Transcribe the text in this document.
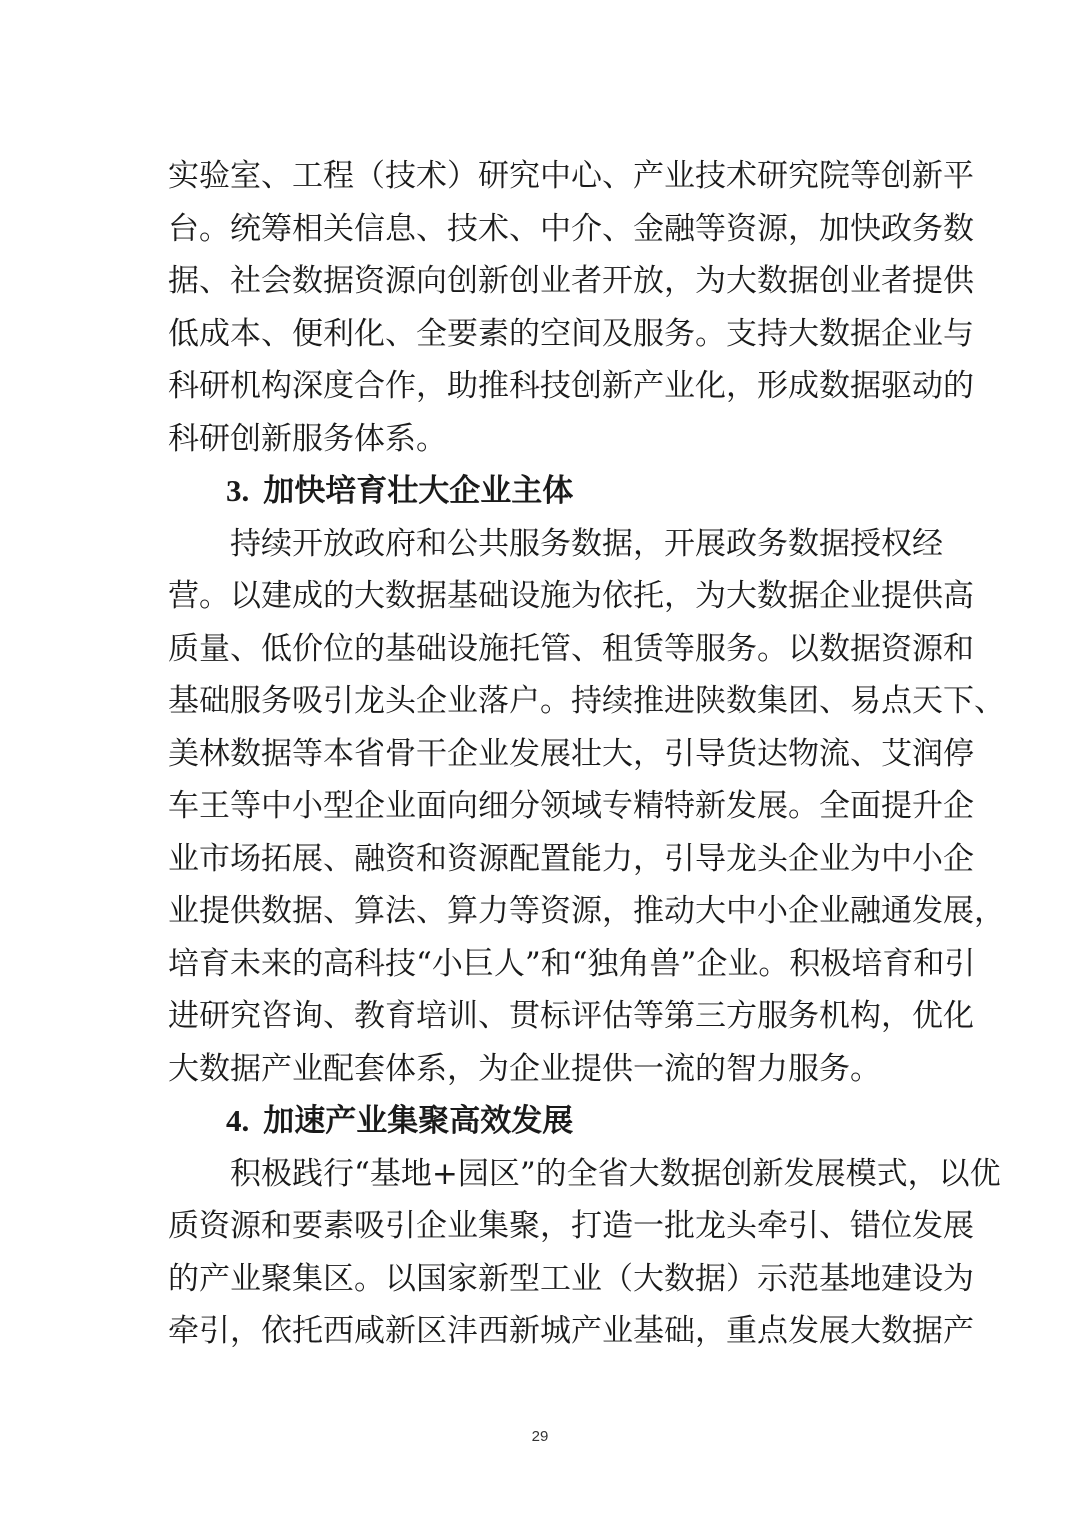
实验室、工程（技术）研究中心、产业技术研究院等创新平
台。统筹相关信息、技术、中介、金融等资源，加快政务数
据、社会数据资源向创新创业者开放，为大数据创业者提供
低成本、便利化、全要素的空间及服务。支持大数据企业与
科研机构深度合作，助推科技创新产业化，形成数据驱动的
科研创新服务体系。
3. 加快培育壮大企业主体
持续开放政府和公共服务数据，开展政务数据授权经
营。以建成的大数据基础设施为依托，为大数据企业提供高
质量、低价位的基础设施托管、租赁等服务。以数据资源和
基础服务吸引龙头企业落户。持续推进陕数集团、易点天下、
美林数据等本省骨干企业发展壮大，引导货达物流、艾润停
车王等中小型企业面向细分领域专精特新发展。全面提升企
业市场拓展、融资和资源配置能力，引导龙头企业为中小企
业提供数据、算法、算力等资源，推动大中小企业融通发展，
培育未来的高科技“小巨人”和“独角兽”企业。积极培育和引
进研究咨询、教育培训、贯标评估等第三方服务机构，优化
大数据产业配套体系，为企业提供一流的智力服务。
4. 加速产业集聚高效发展
积极践行“基地+园区”的全省大数据创新发展模式，以优
质资源和要素吸引企业集聚，打造一批龙头牵引、错位发展
的产业聚集区。以国家新型工业（大数据）示范基地建设为
牵引，依托西咸新区沣西新城产业基础，重点发展大数据产
29
